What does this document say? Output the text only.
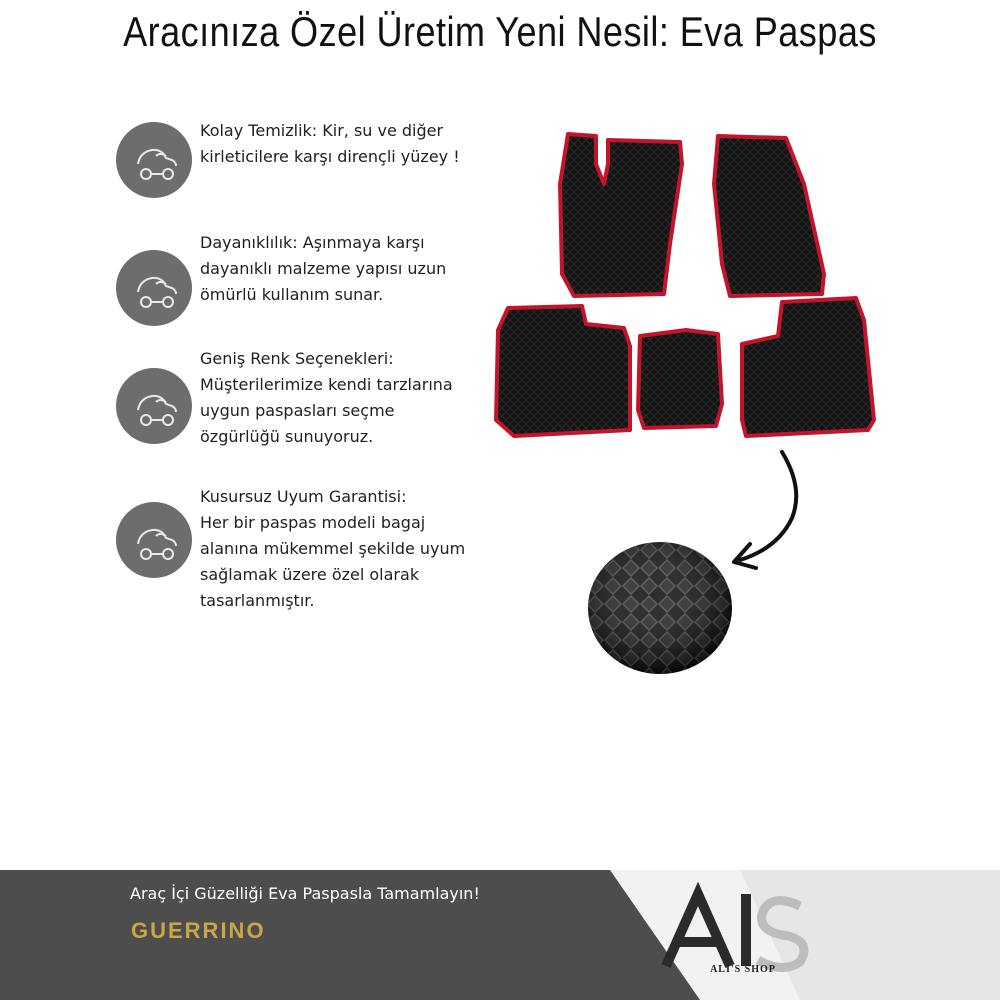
Aracınıza Özel Üretim Yeni Nesil: Eva Paspas
Kolay Temizlik: Kir, su ve diğer
kirleticilere karşı dirençli yüzey !
Dayanıklılık: Aşınmaya karşı
dayanıklı malzeme yapısı uzun
ömürlü kullanım sunar.
Geniş Renk Seçenekleri:
Müşterilerimize kendi tarzlarına
uygun paspasları seçme
özgürlüğü sunuyoruz.
Kusursuz Uyum Garantisi:
Her bir paspas modeli bagaj
alanına mükemmel şekilde uyum
sağlamak üzere özel olarak
tasarlanmıştır.
ALI'S SHOP
Araç İçi Güzelliği Eva Paspasla Tamamlayın!
GUERRINO
